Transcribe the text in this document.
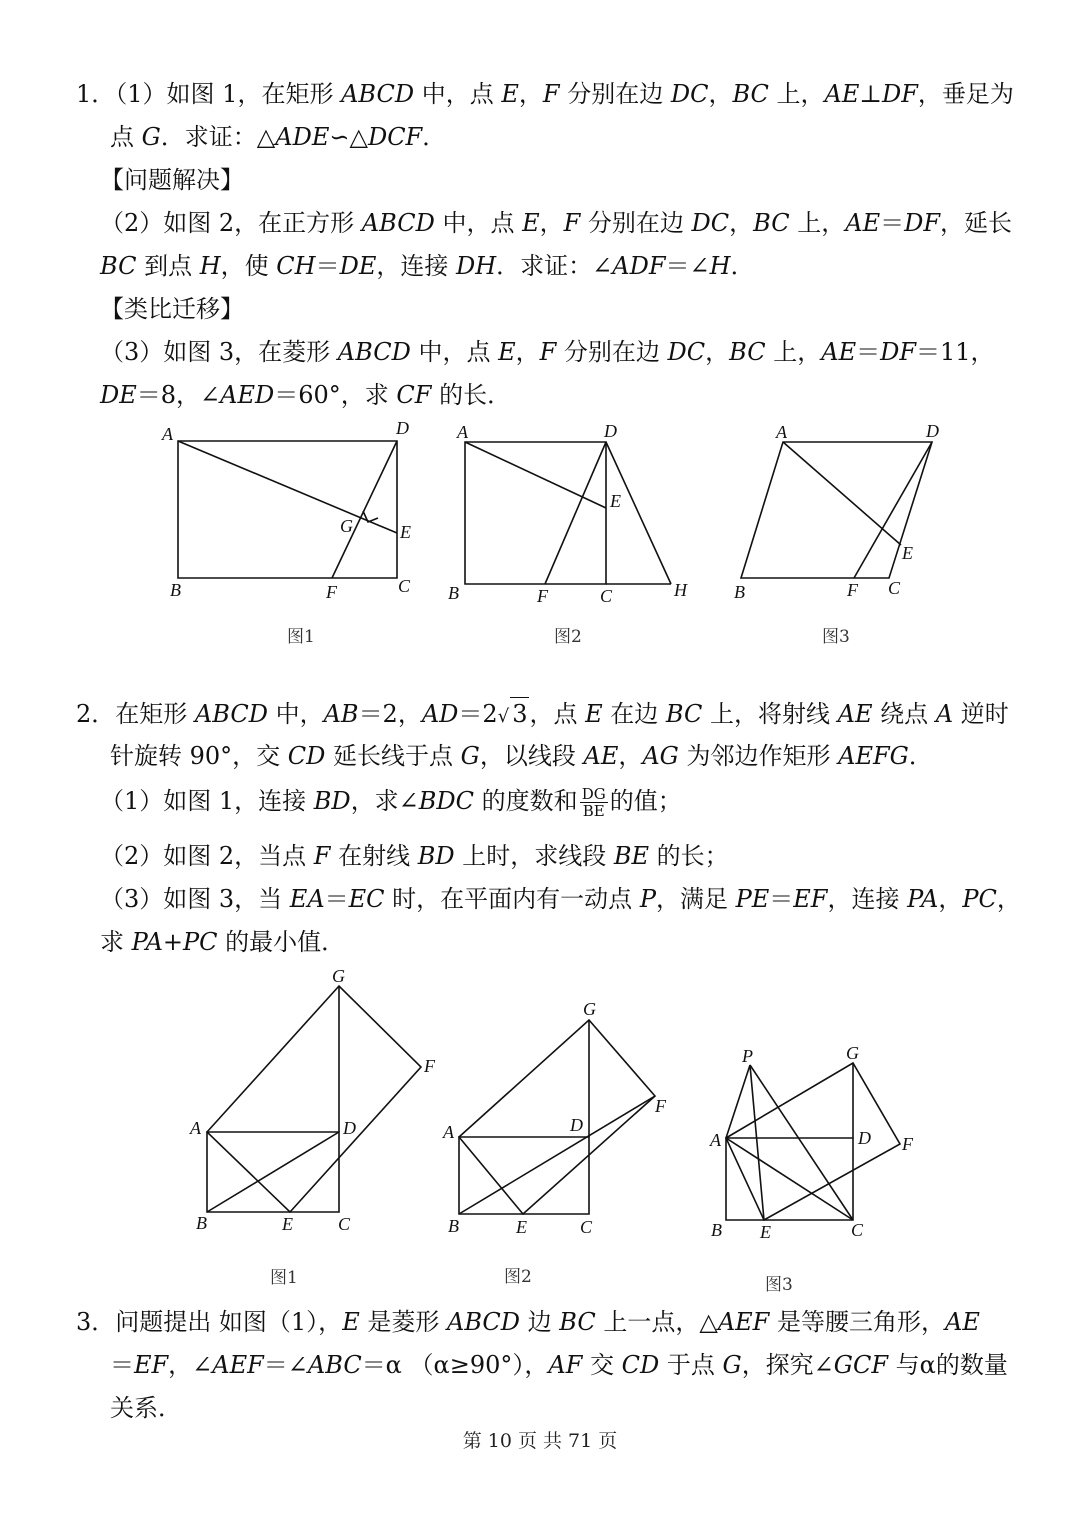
1．（1）如图 1，在矩形 ABCD 中，点 E，F 分别在边 DC，BC 上，AE⊥DF，垂足为
点 G．求证：△ADE∽△DCF．
【问题解决】
（2）如图 2，在正方形 ABCD 中，点 E，F 分别在边 DC，BC 上，AE＝DF，延长
BC 到点 H，使 CH＝DE，连接 DH．求证：∠ADF＝∠H．
【类比迁移】
（3）如图 3，在菱形 ABCD 中，点 E，F 分别在边 DC，BC 上，AE＝DF＝11，
DE＝8，∠AED＝60°，求 CF 的长．
2．在矩形 ABCD 中，AB＝2，AD＝2√ 3，点 E 在边 BC 上，将射线 AE 绕点 A 逆时
针旋转 90°，交 CD 延长线于点 G，以线段 AE，AG 为邻边作矩形 AEFG．
（1）如图 1，连接 BD，求∠BDC 的度数和 $\frac{DG}{BE}$ 的值；
（2）如图 2，当点 F 在射线 BD 上时，求线段 BE 的长；
（3）如图 3，当 EA＝EC 时，在平面内有一动点 P，满足 PE＝EF，连接 PA，PC，
求 PA+PC 的最小值．
3．问题提出 如图（1），E 是菱形 ABCD 边 BC 上一点，△AEF 是等腰三角形，AE
＝EF，∠AEF＝∠ABC＝α （α≥90°），AF 交 CD 于点 G，探究∠GCF 与α的数量
关系．
A	D
G	E
B	F	C
图1
A	D
E
B	F	C	H
图2
A	D
E
B	F C
图3
G
F
A	D
B	E	C
图1
G
F
A	D
B	E	C
图2
P	G
A	D F
B E	C
图3
第 10 页 共 71 页
